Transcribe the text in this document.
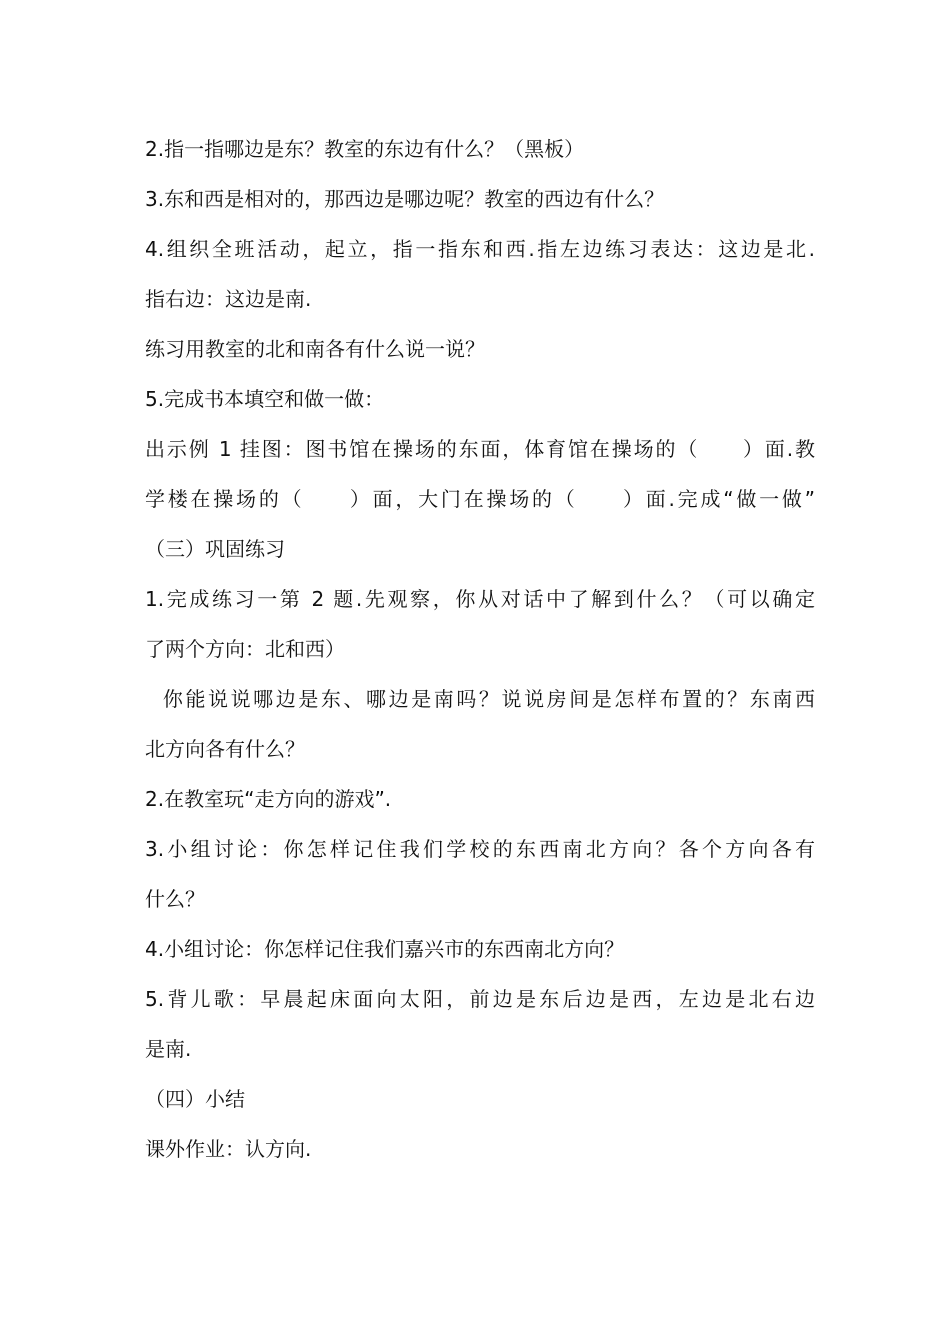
2.指一指哪边是东？教室的东边有什么？（黑板）
3.东和西是相对的，那西边是哪边呢？教室的西边有什么？
4.组织全班活动，起立，指一指东和西.指左边练习表达：这边是北.
指右边：这边是南.
练习用教室的北和南各有什么说一说？
5.完成书本填空和做一做：
出示例 1 挂图：图书馆在操场的东面，体育馆在操场的（　　）面.教
学楼在操场的（　　）面，大门在操场的（　　）面.完成“做一做”
（三）巩固练习
1.完成练习一第 2 题.先观察，你从对话中了解到什么？（可以确定
了两个方向：北和西）
你能说说哪边是东、哪边是南吗？说说房间是怎样布置的？东南西
北方向各有什么？
2.在教室玩“走方向的游戏”.
3.小组讨论：你怎样记住我们学校的东西南北方向？各个方向各有
什么？
4.小组讨论：你怎样记住我们嘉兴市的东西南北方向？
5.背儿歌：早晨起床面向太阳，前边是东后边是西，左边是北右边
是南.
（四）小结
课外作业：认方向.
